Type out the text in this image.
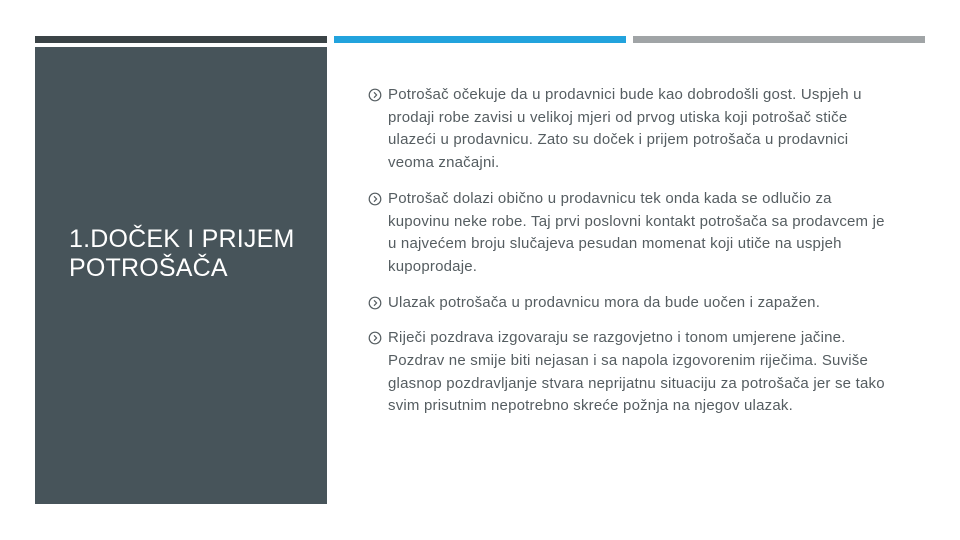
1.DOČEK I PRIJEM POTROŠAČA
Potrošač očekuje da u prodavnici bude kao dobrodošli gost. Uspjeh u prodaji robe zavisi u velikoj mjeri od prvog utiska koji potrošač stiče ulazeći u prodavnicu. Zato su doček i prijem potrošača u prodavnici veoma značajni.
Potrošač dolazi obično u prodavnicu tek onda kada se odlučio za kupovinu neke robe. Taj prvi poslovni kontakt potrošača sa prodavcem je u najvećem broju slučajeva pesudan momenat koji utiče na uspjeh kupoprodaje.
Ulazak potrošača u prodavnicu mora da bude uočen i zapažen.
Riječi pozdrava izgovaraju se razgovjetno i tonom umjerene jačine. Pozdrav ne smije biti nejasan i sa napola izgovorenim riječima. Suviše glasnop pozdravljanje stvara neprijatnu situaciju za potrošača jer se tako svim prisutnim nepotrebno skreće požnja na njegov ulazak.
